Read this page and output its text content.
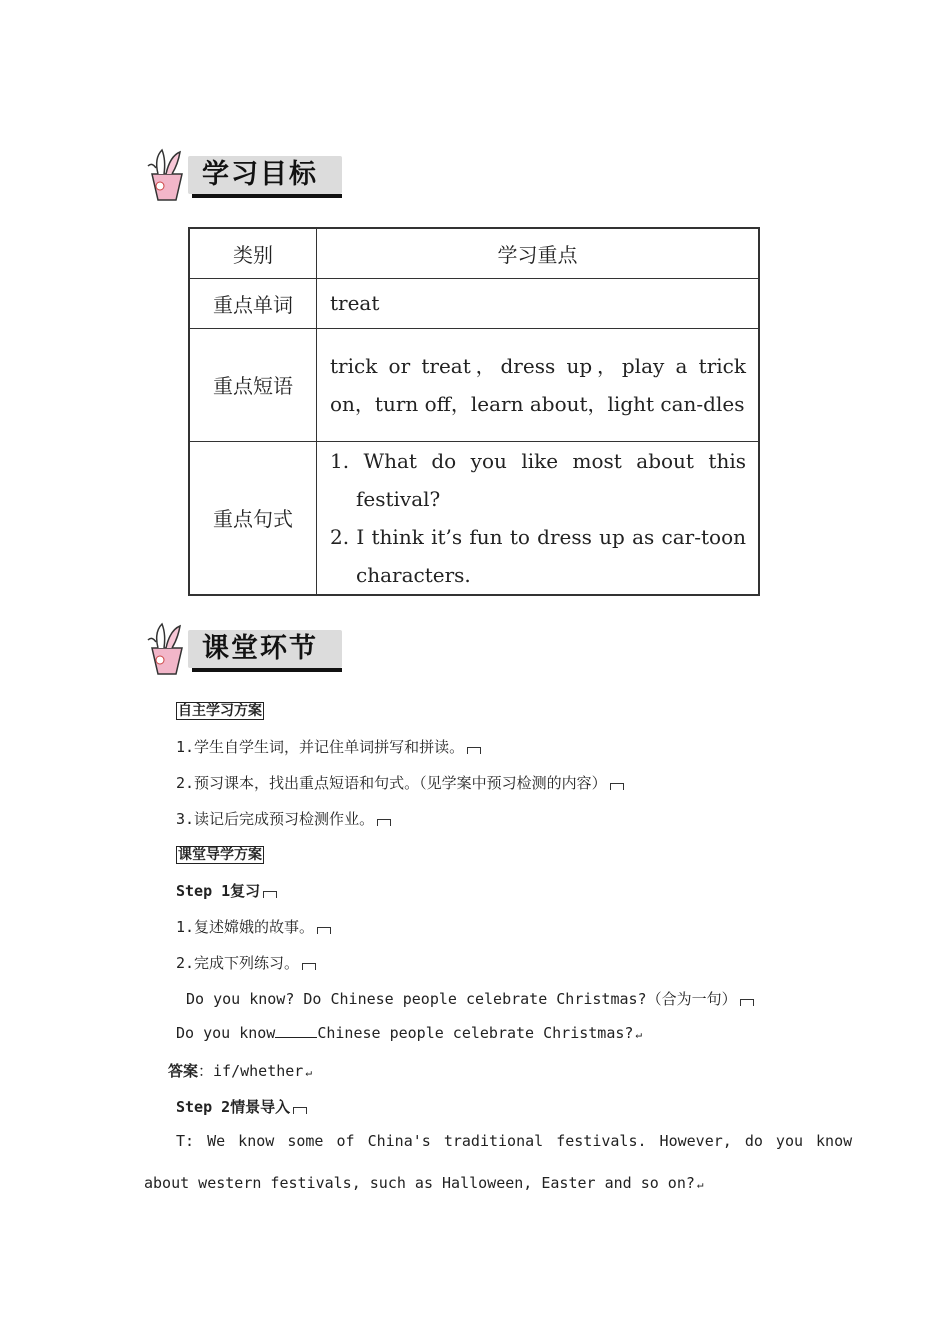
学习目标
类别	学习重点
重点单词	treat
重点短语	trick or treat，dress up，play a trick on，turn off，learn about，light can-dles
重点句式	1. What do you like most about this festival?
2. I think it’s fun to dress up as car-toon characters.
课堂环节
自主学习方案
1.学生自学生词，并记住单词拼写和拼读。
2.预习课本，找出重点短语和句式。（见学案中预习检测的内容）
3.读记后完成预习检测作业。
课堂导学方案
Step 1复习
1.复述嫦娥的故事。
2.完成下列练习。
Do you know? Do Chinese people celebrate Christmas?（合为一句）
Do you know	Chinese people celebrate Christmas? ↵
答案：if/whether ↵
Step 2情景导入
T: We know some of China's traditional festivals. However, do you know
about western festivals, such as Halloween, Easter and so on? ↵
